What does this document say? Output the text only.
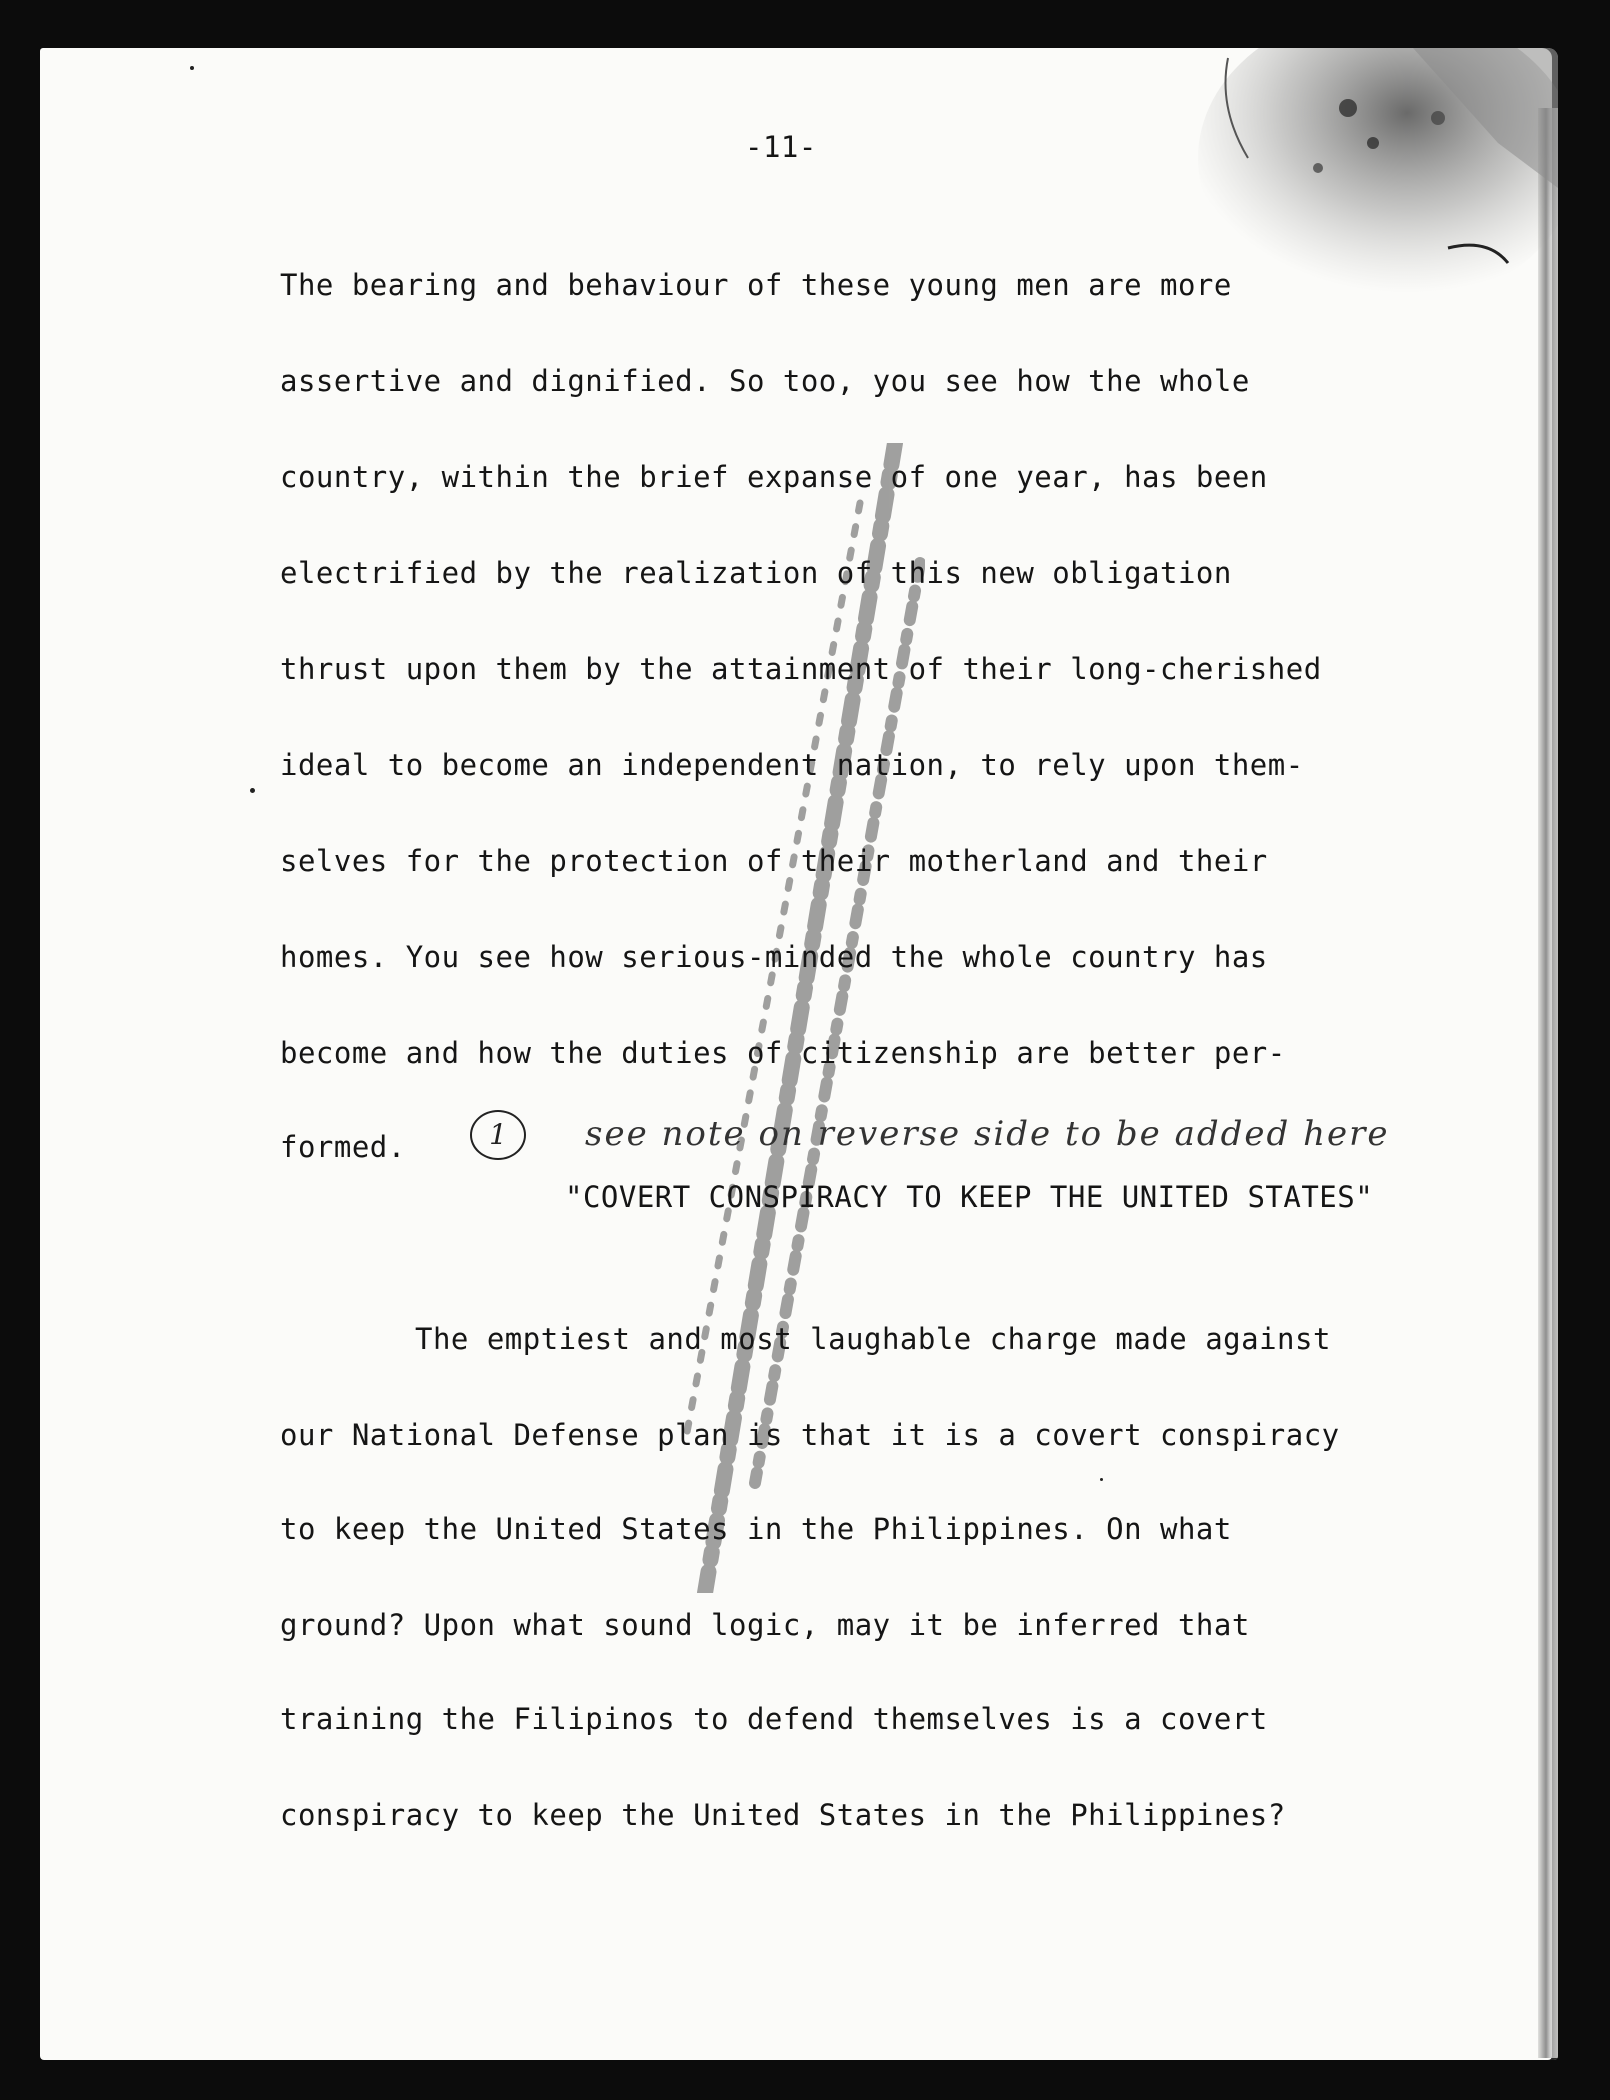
-11-
The bearing and behaviour of these young men are more
assertive and dignified. So too, you see how the whole
country, within the brief expanse of one year, has been
electrified by the realization of this new obligation
thrust upon them by the attainment of their long-cherished
ideal to become an independent nation, to rely upon them-
selves for the protection of their motherland and their
homes. You see how serious-minded the whole country has
become and how the duties of citizenship are better per-
formed.	1	see note on reverse side to be added here
"COVERT CONSPIRACY TO KEEP THE UNITED STATES"
The emptiest and most laughable charge made against
our National Defense plan is that it is a covert conspiracy
to keep the United States in the Philippines. On what
ground? Upon what sound logic, may it be inferred that
training the Filipinos to defend themselves is a covert
conspiracy to keep the United States in the Philippines?
